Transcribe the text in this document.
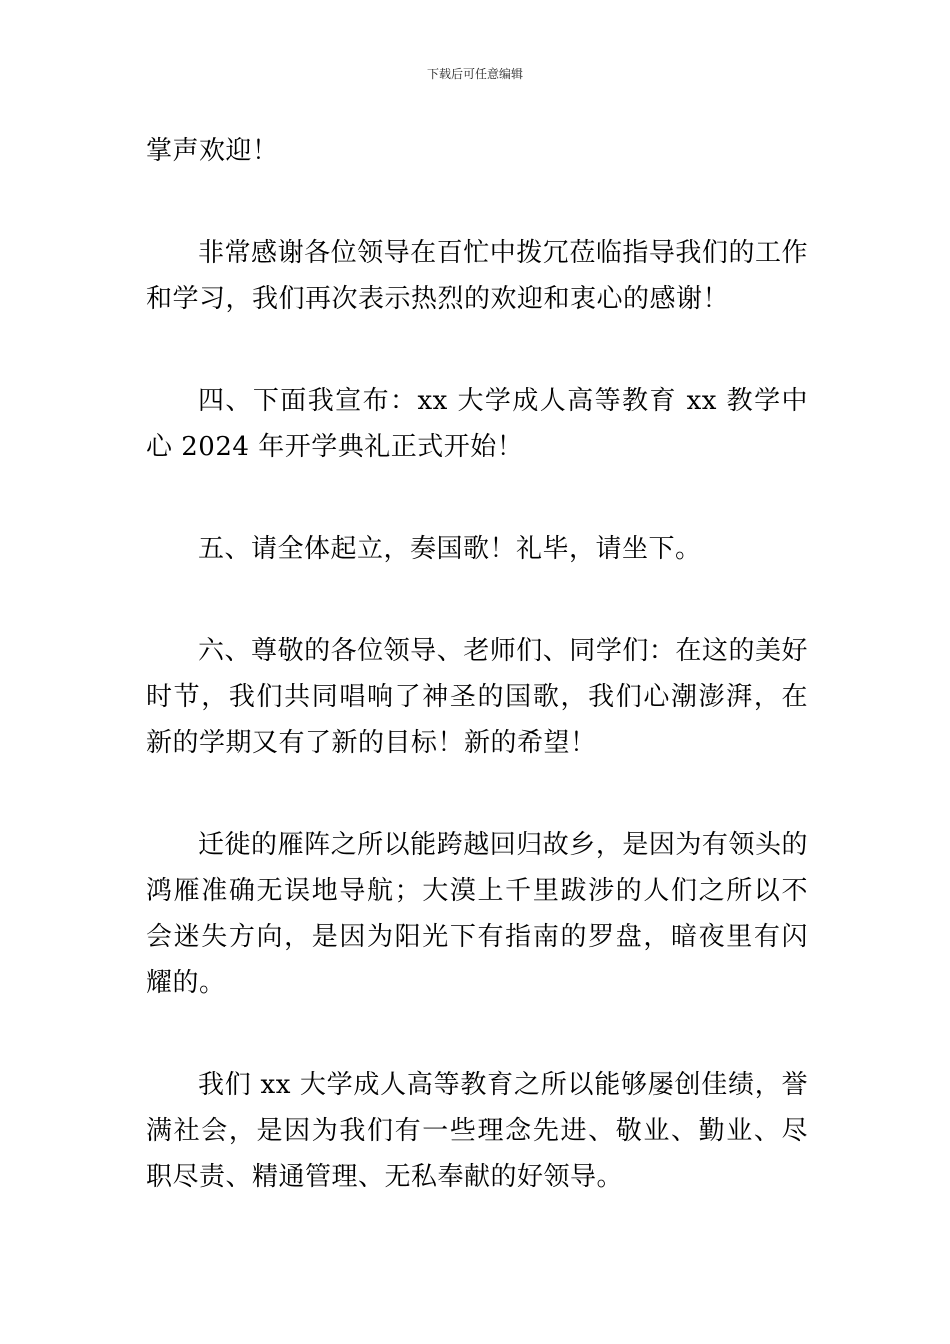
下载后可任意编辑

掌声欢迎！

非常感谢各位领导在百忙中拨冗莅临指导我们的工作和学习，我们再次表示热烈的欢迎和衷心的感谢！

四、下面我宣布：xx 大学成人高等教育 xx 教学中心 2024 年开学典礼正式开始！

五、请全体起立，奏国歌！礼毕，请坐下。

六、尊敬的各位领导、老师们、同学们：在这的美好时节，我们共同唱响了神圣的国歌，我们心潮澎湃，在新的学期又有了新的目标！新的希望！

迁徙的雁阵之所以能跨越回归故乡，是因为有领头的鸿雁准确无误地导航；大漠上千里跋涉的人们之所以不会迷失方向，是因为阳光下有指南的罗盘，暗夜里有闪耀的。

我们 xx 大学成人高等教育之所以能够屡创佳绩，誉满社会，是因为我们有一些理念先进、敬业、勤业、尽职尽责、精通管理、无私奉献的好领导。
